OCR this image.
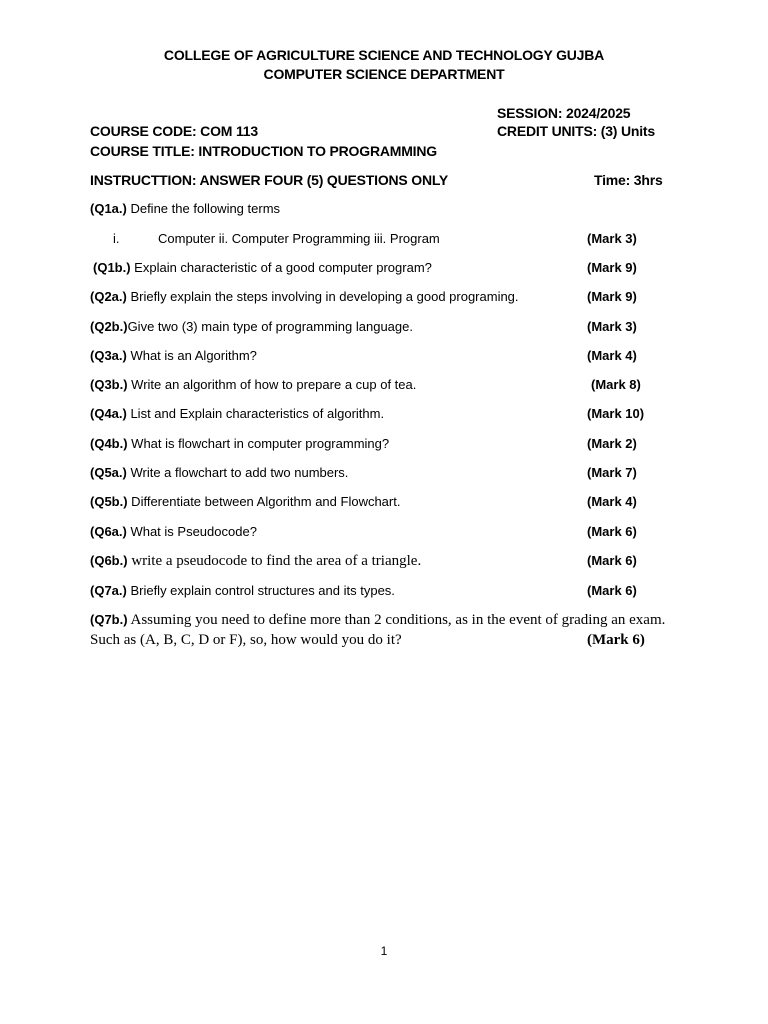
COLLEGE OF AGRICULTURE SCIENCE AND TECHNOLOGY GUJBA
COMPUTER SCIENCE DEPARTMENT
SESSION: 2024/2025
COURSE CODE: COM 113	CREDIT UNITS: (3) Units
COURSE TITLE: INTRODUCTION TO PROGRAMMING
INSTRUCTTION: ANSWER FOUR (5) QUESTIONS ONLY	Time: 3hrs
(Q1a.) Define the following terms
i.	Computer ii. Computer Programming iii. Program	(Mark 3)
(Q1b.) Explain characteristic of a good computer program?	(Mark 9)
(Q2a.) Briefly explain the steps involving in developing a good programing.	(Mark 9)
(Q2b.)Give two (3) main type of programming language.	(Mark 3)
(Q3a.) What is an Algorithm?	(Mark 4)
(Q3b.) Write an algorithm of how to prepare a cup of tea.	(Mark 8)
(Q4a.) List and Explain characteristics of algorithm.	(Mark 10)
(Q4b.) What is flowchart in computer programming?	(Mark 2)
(Q5a.) Write a flowchart to add two numbers.	(Mark 7)
(Q5b.) Differentiate between Algorithm and Flowchart.	(Mark 4)
(Q6a.) What is Pseudocode?	(Mark 6)
(Q6b.) write a pseudocode to find the area of a triangle.	(Mark 6)
(Q7a.) Briefly explain control structures and its types.	(Mark 6)
(Q7b.) Assuming you need to define more than 2 conditions, as in the event of grading an exam.
Such as (A, B, C, D or F), so, how would you do it?	(Mark 6)
1
